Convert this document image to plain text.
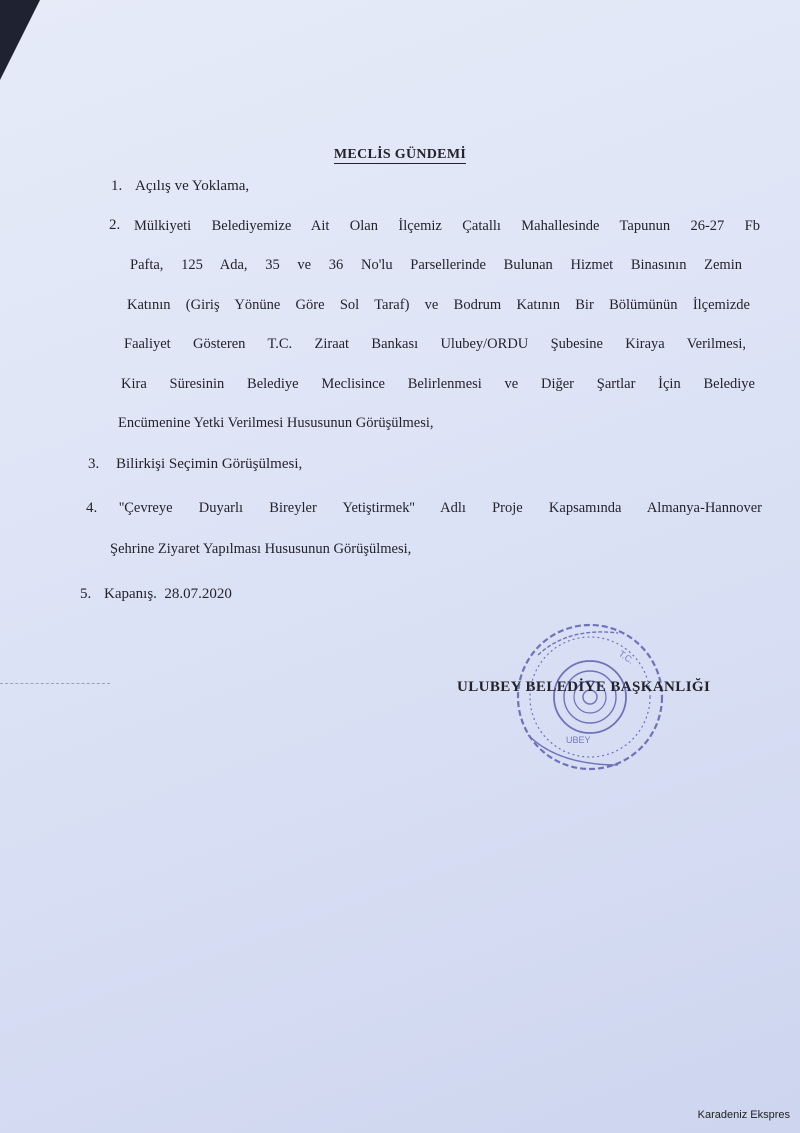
MECLİS GÜNDEMİ
1. Açılış ve Yoklama,
2. Mülkiyeti Belediyemize Ait Olan İlçemiz Çatallı Mahallesinde Tapunun 26-27 Fb
Pafta, 125 Ada, 35 ve 36 No'lu Parsellerinde Bulunan Hizmet Binasının Zemin
Katının (Giriş Yönüne Göre Sol Taraf) ve Bodrum Katının Bir Bölümünün İlçemizde
Faaliyet Gösteren T.C. Ziraat Bankası Ulubey/ORDU Şubesine Kiraya Verilmesi,
Kira Süresinin Belediye Meclisince Belirlenmesi ve Diğer Şartlar İçin Belediye
Encümenine Yetki Verilmesi Hususunun Görüşülmesi,
3. Bilirkişi Seçimin Görüşülmesi,
4. ''Çevreye Duyarlı Bireyler Yetiştirmek'' Adlı Proje Kapsamında Almanya-Hannover
Şehrine Ziyaret Yapılması Hususunun Görüşülmesi,
5. Kapanış.  28.07.2020
T.C.
UBEY
ULUBEY BELEDİYE BAŞKANLIĞI
Karadeniz Ekspres
